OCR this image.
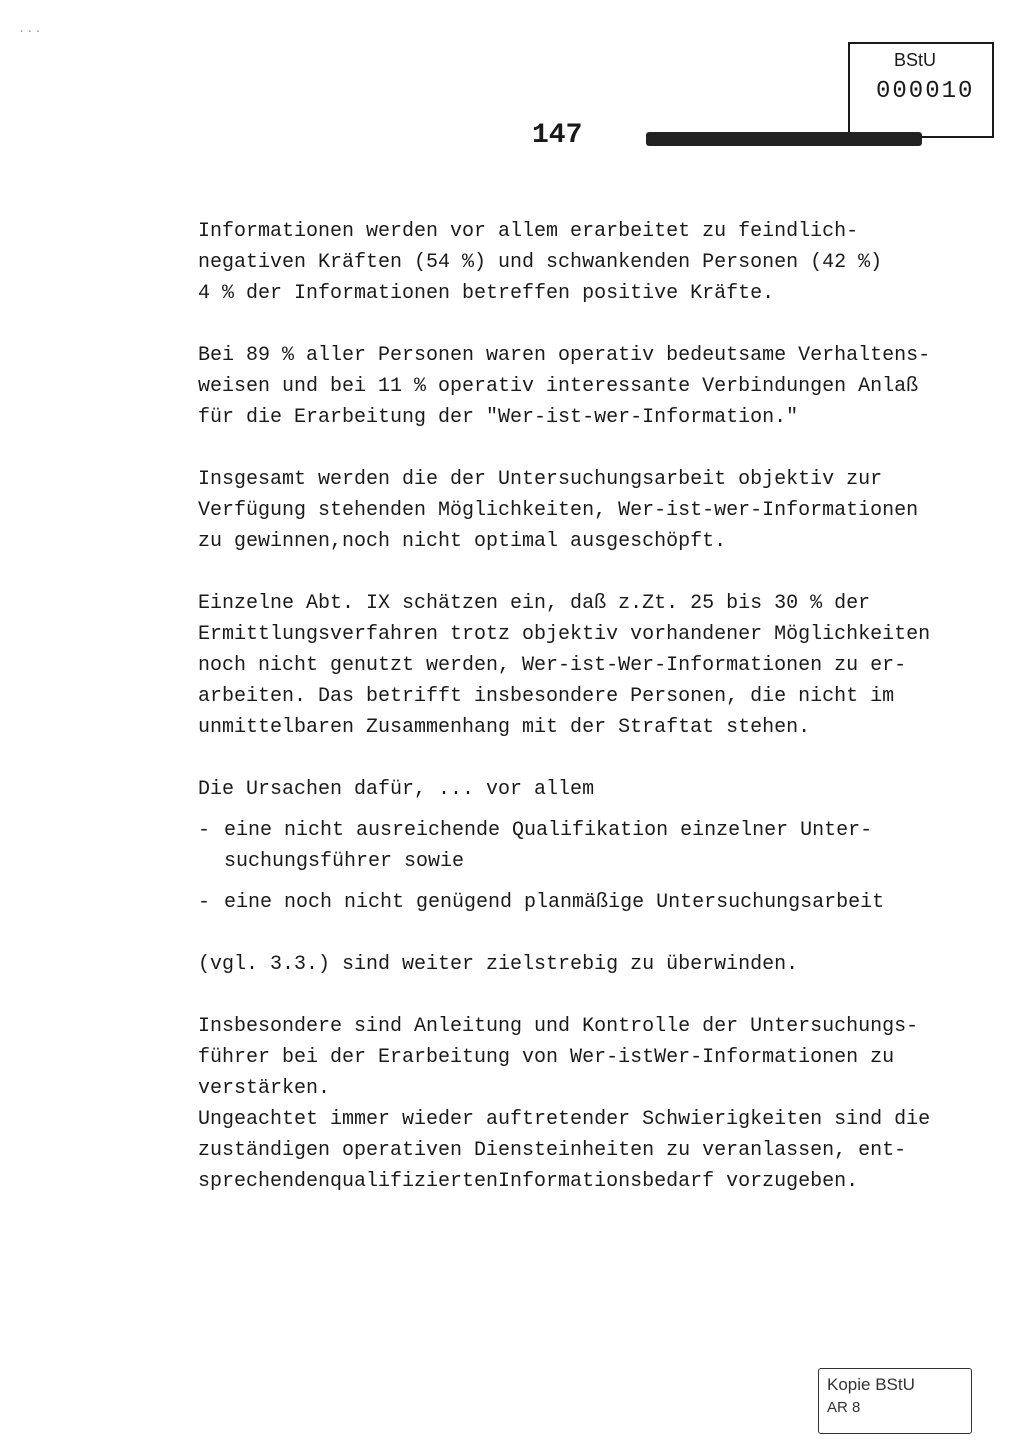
...
BStU
000010
147

Informationen werden vor allem erarbeitet zu feindlich-
negativen Kräften (54 %) und schwankenden Personen (42 %)
4 % der Informationen betreffen positive Kräfte.

Bei 89 % aller Personen waren operativ bedeutsame Verhaltens-
weisen und bei 11 % operativ interessante Verbindungen Anlaß
für die Erarbeitung der "Wer-ist-wer-Information."

Insgesamt werden die der Untersuchungsarbeit objektiv zur
Verfügung stehenden Möglichkeiten, Wer-ist-wer-Informationen
zu gewinnen,noch nicht optimal ausgeschöpft.

Einzelne Abt. IX schätzen ein, daß z.Zt. 25 bis 30 % der
Ermittlungsverfahren trotz objektiv vorhandener Möglichkeiten
noch nicht genutzt werden, Wer-ist-Wer-Informationen zu er-
arbeiten. Das betrifft insbesondere Personen, die nicht im
unmittelbaren Zusammenhang mit der Straftat stehen.

Die Ursachen dafür, ... vor allem

- eine nicht ausreichende Qualifikation einzelner Unter-
suchungsführer sowie
- eine noch nicht genügend planmäßige Untersuchungsarbeit

(vgl. 3.3.) sind weiter zielstrebig zu überwinden.

Insbesondere sind Anleitung und Kontrolle der Untersuchungs-
führer bei der Erarbeitung von Wer-istWer-Informationen zu
verstärken.

Ungeachtet immer wieder auftretender Schwierigkeiten sind die
zuständigen operativen Diensteinheiten zu veranlassen, ent-
sprechendenqualifiziertenInformationsbedarf vorzugeben.

Kopie BStU
AR 8
